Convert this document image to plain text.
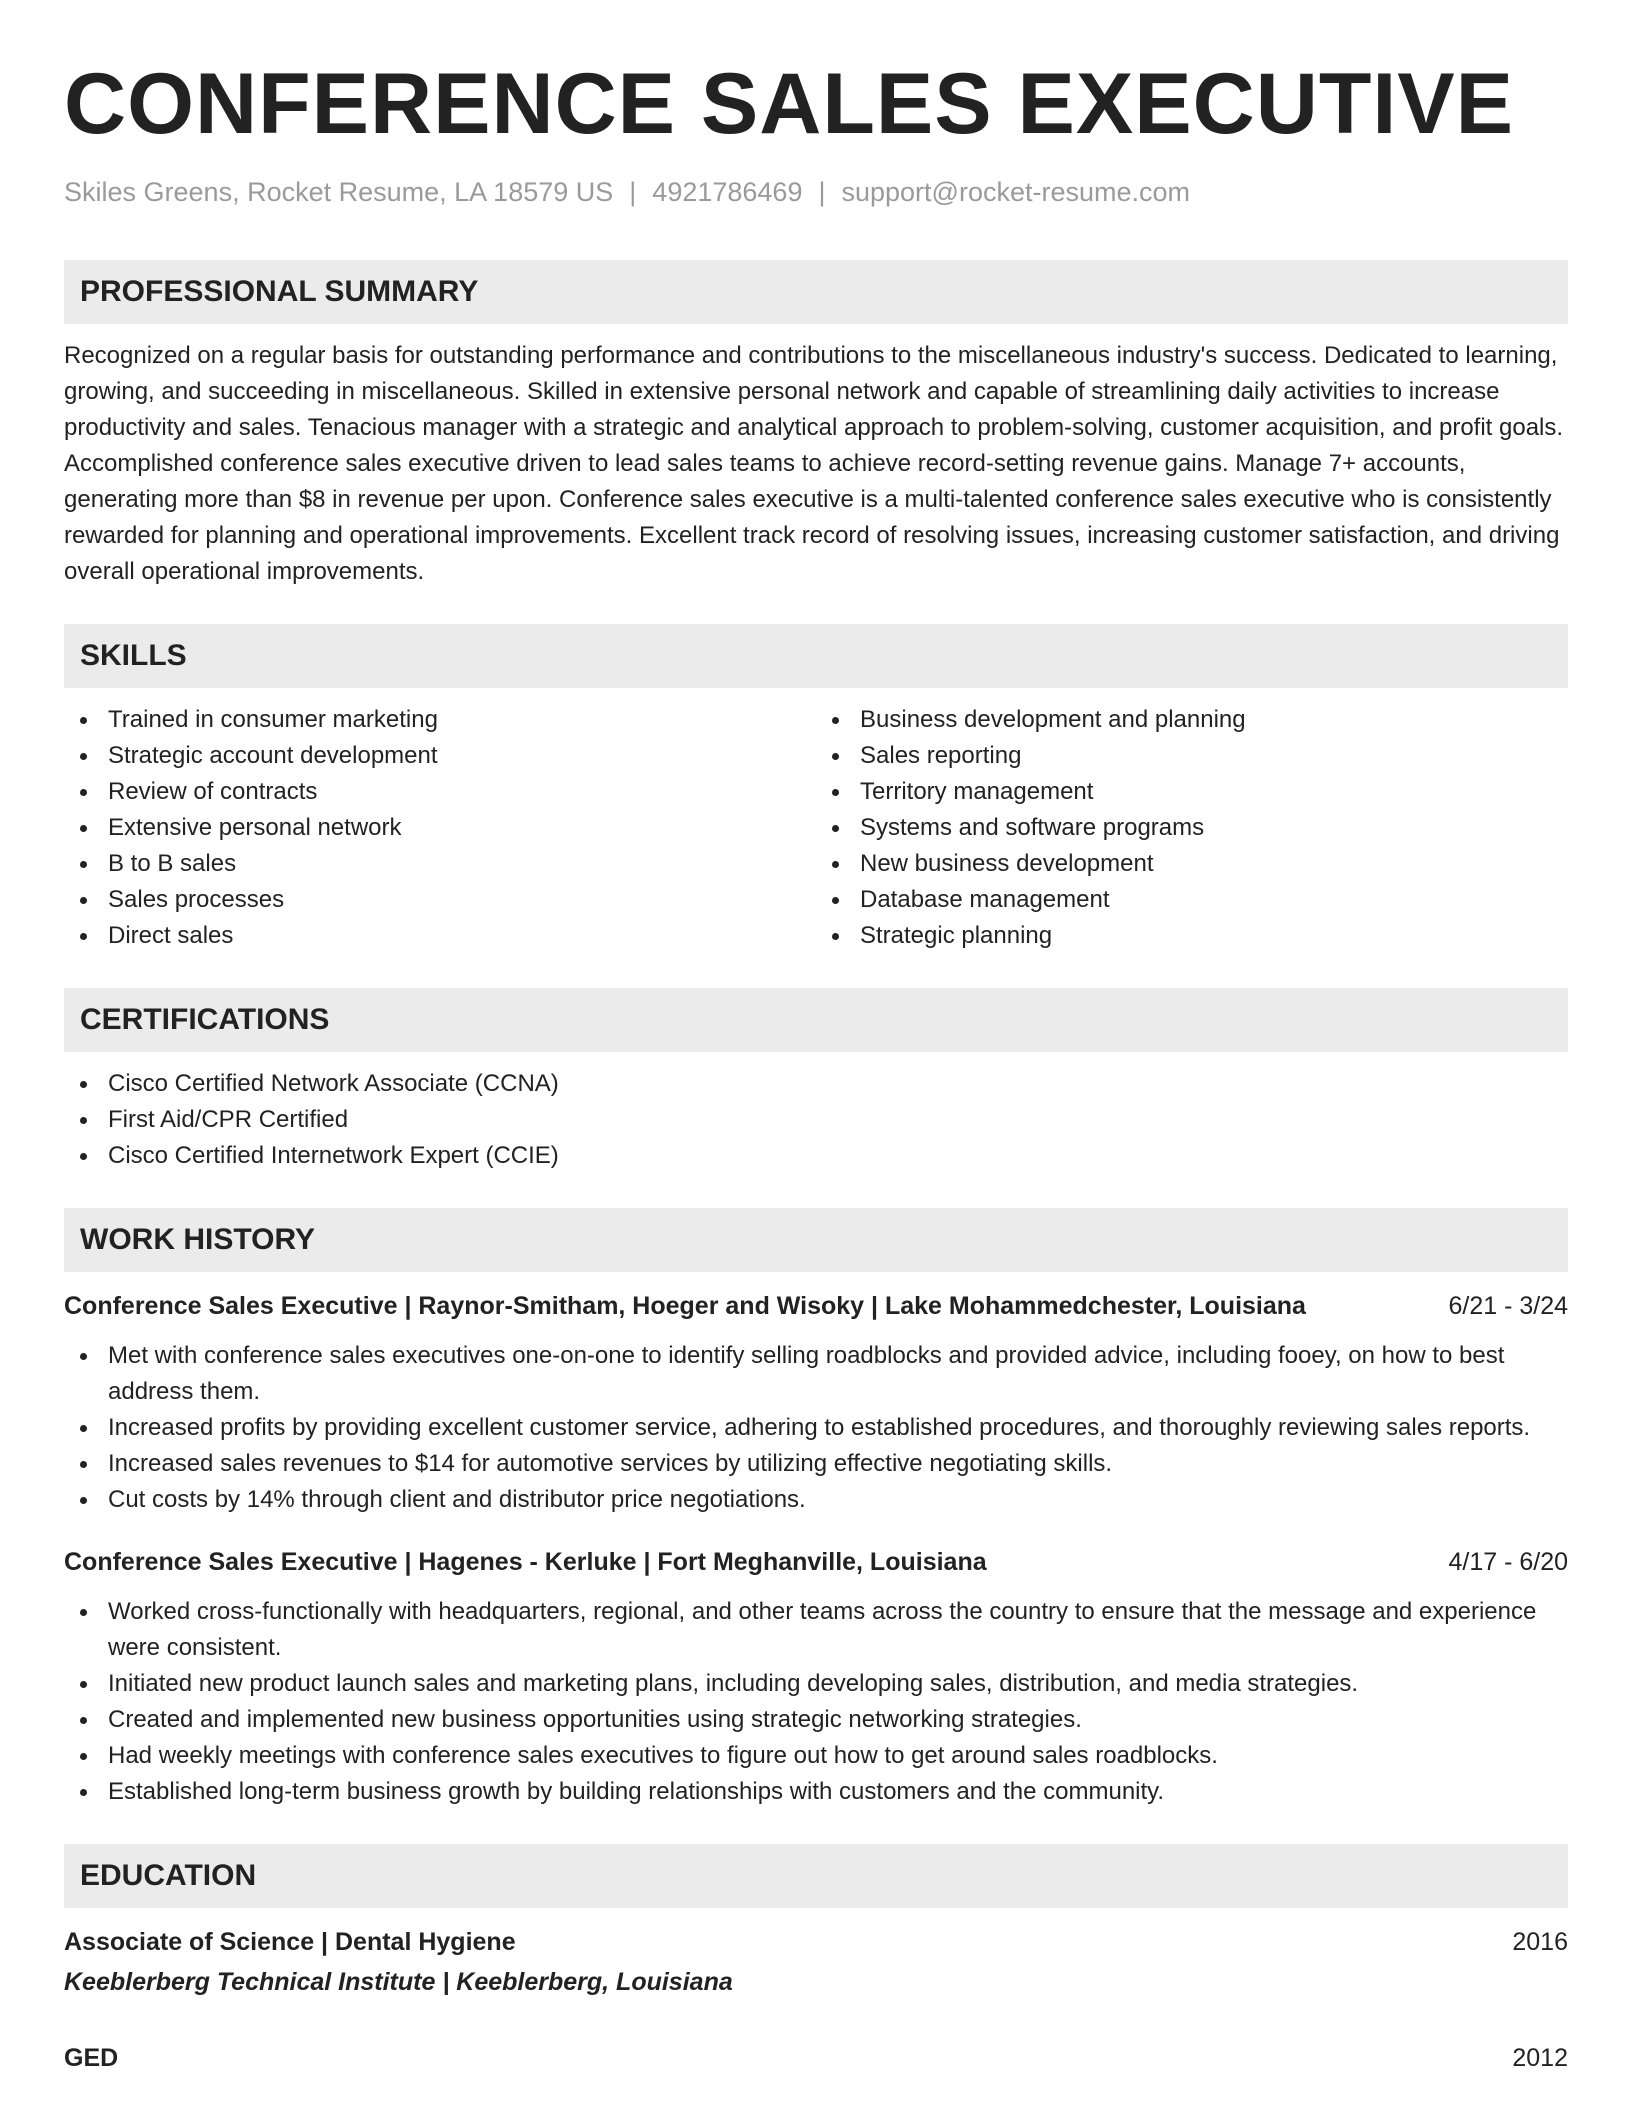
CONFERENCE SALES EXECUTIVE
Skiles Greens, Rocket Resume, LA 18579 US | 4921786469 | support@rocket-resume.com
PROFESSIONAL SUMMARY
Recognized on a regular basis for outstanding performance and contributions to the miscellaneous industry's success. Dedicated to learning, growing, and succeeding in miscellaneous. Skilled in extensive personal network and capable of streamlining daily activities to increase productivity and sales. Tenacious manager with a strategic and analytical approach to problem-solving, customer acquisition, and profit goals. Accomplished conference sales executive driven to lead sales teams to achieve record-setting revenue gains. Manage 7+ accounts, generating more than $8 in revenue per upon. Conference sales executive is a multi-talented conference sales executive who is consistently rewarded for planning and operational improvements. Excellent track record of resolving issues, increasing customer satisfaction, and driving overall operational improvements.
SKILLS
Trained in consumer marketing
Strategic account development
Review of contracts
Extensive personal network
B to B sales
Sales processes
Direct sales
Business development and planning
Sales reporting
Territory management
Systems and software programs
New business development
Database management
Strategic planning
CERTIFICATIONS
Cisco Certified Network Associate (CCNA)
First Aid/CPR Certified
Cisco Certified Internetwork Expert (CCIE)
WORK HISTORY
Conference Sales Executive | Raynor-Smitham, Hoeger and Wisoky | Lake Mohammedchester, Louisiana	6/21 - 3/24
Met with conference sales executives one-on-one to identify selling roadblocks and provided advice, including fooey, on how to best address them.
Increased profits by providing excellent customer service, adhering to established procedures, and thoroughly reviewing sales reports.
Increased sales revenues to $14 for automotive services by utilizing effective negotiating skills.
Cut costs by 14% through client and distributor price negotiations.
Conference Sales Executive | Hagenes - Kerluke | Fort Meghanville, Louisiana	4/17 - 6/20
Worked cross-functionally with headquarters, regional, and other teams across the country to ensure that the message and experience were consistent.
Initiated new product launch sales and marketing plans, including developing sales, distribution, and media strategies.
Created and implemented new business opportunities using strategic networking strategies.
Had weekly meetings with conference sales executives to figure out how to get around sales roadblocks.
Established long-term business growth by building relationships with customers and the community.
EDUCATION
Associate of Science | Dental Hygiene	2016
Keeblerberg Technical Institute | Keeblerberg, Louisiana
GED	2012
